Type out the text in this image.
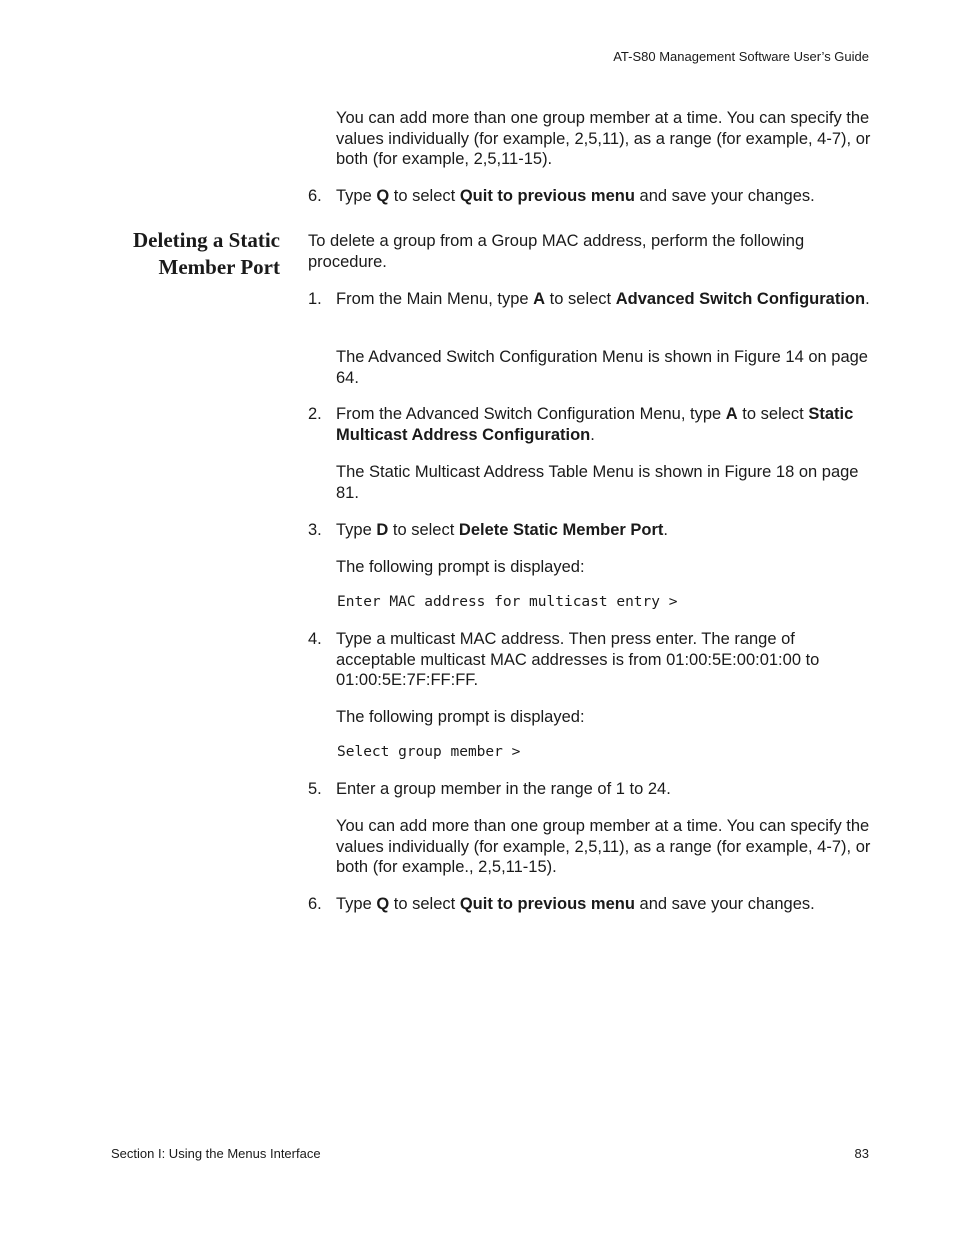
AT-S80 Management Software User’s Guide
You can add more than one group member at a time. You can specify the values individually (for example, 2,5,11), as a range (for example, 4-7), or both (for example, 2,5,11-15).
6. Type Q to select Quit to previous menu and save your changes.
Deleting a Static
Member Port
To delete a group from a Group MAC address, perform the following procedure.
1. From the Main Menu, type A to select Advanced Switch Configuration.
The Advanced Switch Configuration Menu is shown in Figure 14 on page 64.
2. From the Advanced Switch Configuration Menu, type A to select Static Multicast Address Configuration.
The Static Multicast Address Table Menu is shown in Figure 18 on page 81.
3. Type D to select Delete Static Member Port.
The following prompt is displayed:
Enter MAC address for multicast entry >
4. Type a multicast MAC address. Then press enter. The range of acceptable multicast MAC addresses is from 01:00:5E:00:01:00 to 01:00:5E:7F:FF:FF.
The following prompt is displayed:
Select group member >
5. Enter a group member in the range of 1 to 24.
You can add more than one group member at a time. You can specify the values individually (for example, 2,5,11), as a range (for example, 4-7), or both (for example., 2,5,11-15).
6. Type Q to select Quit to previous menu and save your changes.
Section I: Using the Menus Interface	83
